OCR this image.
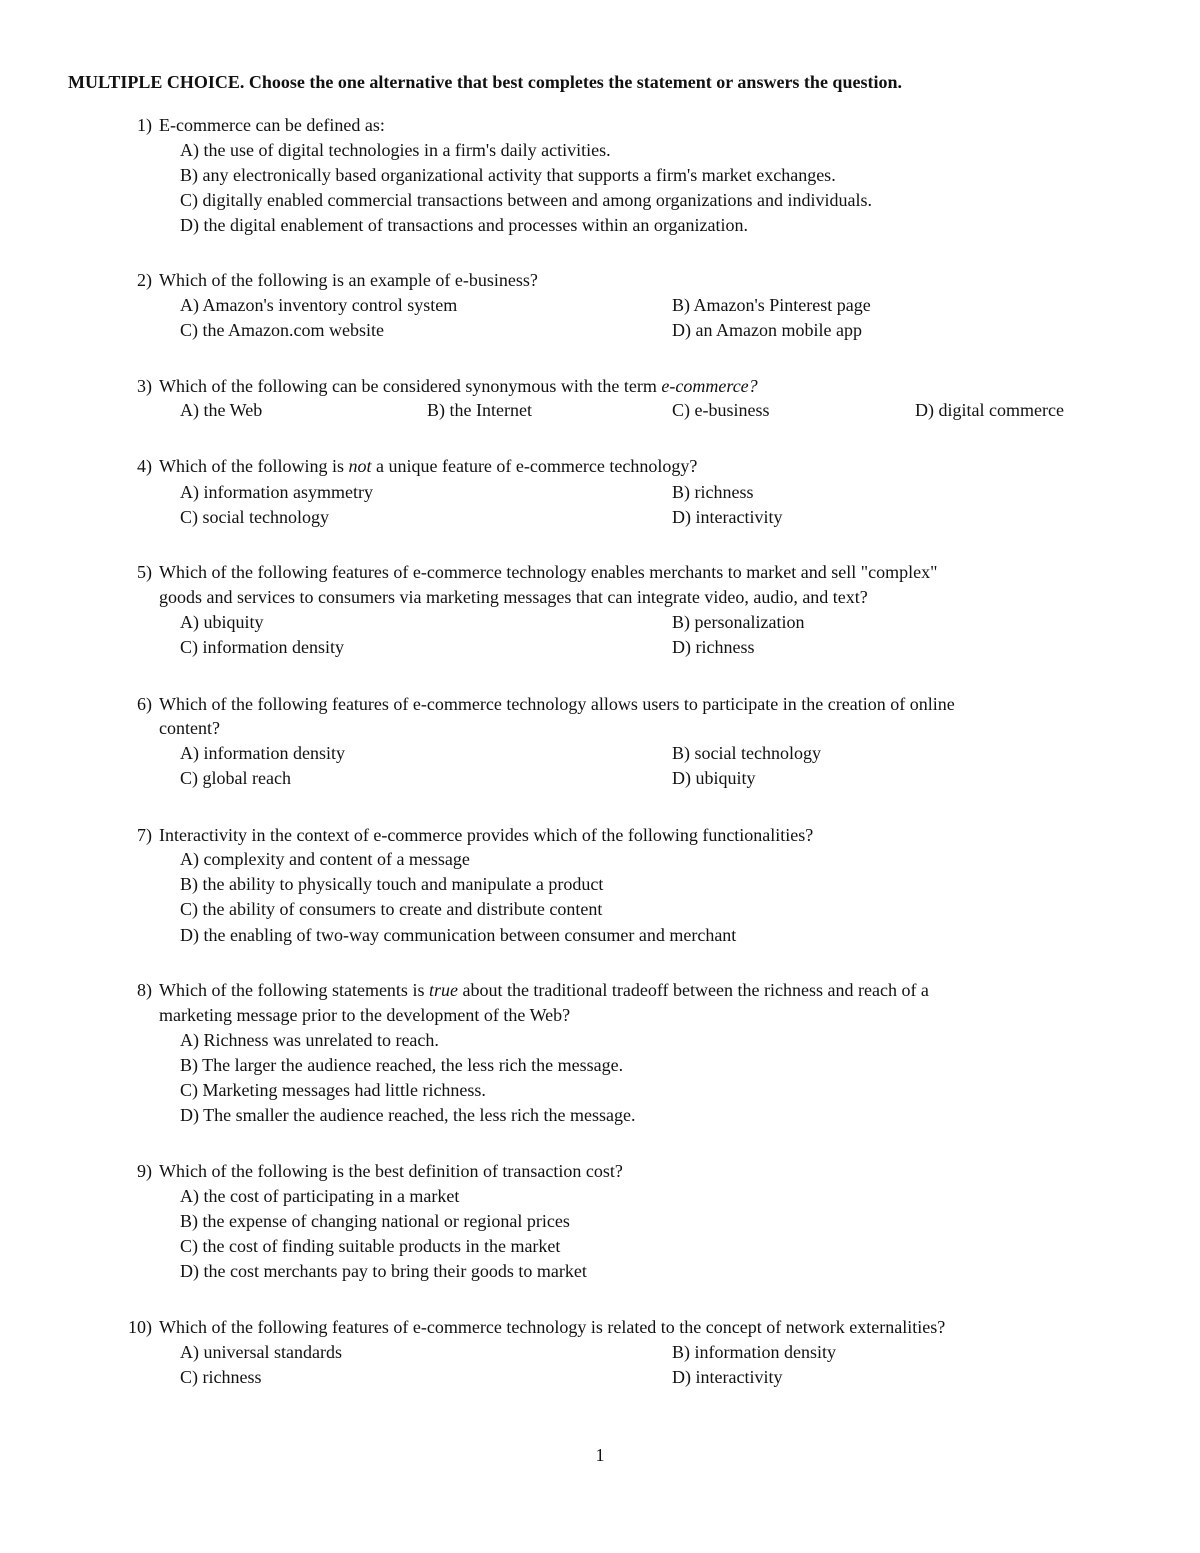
MULTIPLE CHOICE. Choose the one alternative that best completes the statement or answers the question.
1) E-commerce can be defined as:
A) the use of digital technologies in a firm's daily activities.
B) any electronically based organizational activity that supports a firm's market exchanges.
C) digitally enabled commercial transactions between and among organizations and individuals.
D) the digital enablement of transactions and processes within an organization.
2) Which of the following is an example of e-business?
A) Amazon's inventory control system	B) Amazon's Pinterest page
C) the Amazon.com website	D) an Amazon mobile app
3) Which of the following can be considered synonymous with the term e-commerce?
A) the Web	B) the Internet	C) e-business	D) digital commerce
4) Which of the following is not a unique feature of e-commerce technology?
A) information asymmetry	B) richness
C) social technology	D) interactivity
5) Which of the following features of e-commerce technology enables merchants to market and sell "complex"
goods and services to consumers via marketing messages that can integrate video, audio, and text?
A) ubiquity	B) personalization
C) information density	D) richness
6) Which of the following features of e-commerce technology allows users to participate in the creation of online
content?
A) information density	B) social technology
C) global reach	D) ubiquity
7) Interactivity in the context of e-commerce provides which of the following functionalities?
A) complexity and content of a message
B) the ability to physically touch and manipulate a product
C) the ability of consumers to create and distribute content
D) the enabling of two-way communication between consumer and merchant
8) Which of the following statements is true about the traditional tradeoff between the richness and reach of a
marketing message prior to the development of the Web?
A) Richness was unrelated to reach.
B) The larger the audience reached, the less rich the message.
C) Marketing messages had little richness.
D) The smaller the audience reached, the less rich the message.
9) Which of the following is the best definition of transaction cost?
A) the cost of participating in a market
B) the expense of changing national or regional prices
C) the cost of finding suitable products in the market
D) the cost merchants pay to bring their goods to market
10) Which of the following features of e-commerce technology is related to the concept of network externalities?
A) universal standards	B) information density
C) richness	D) interactivity
1
